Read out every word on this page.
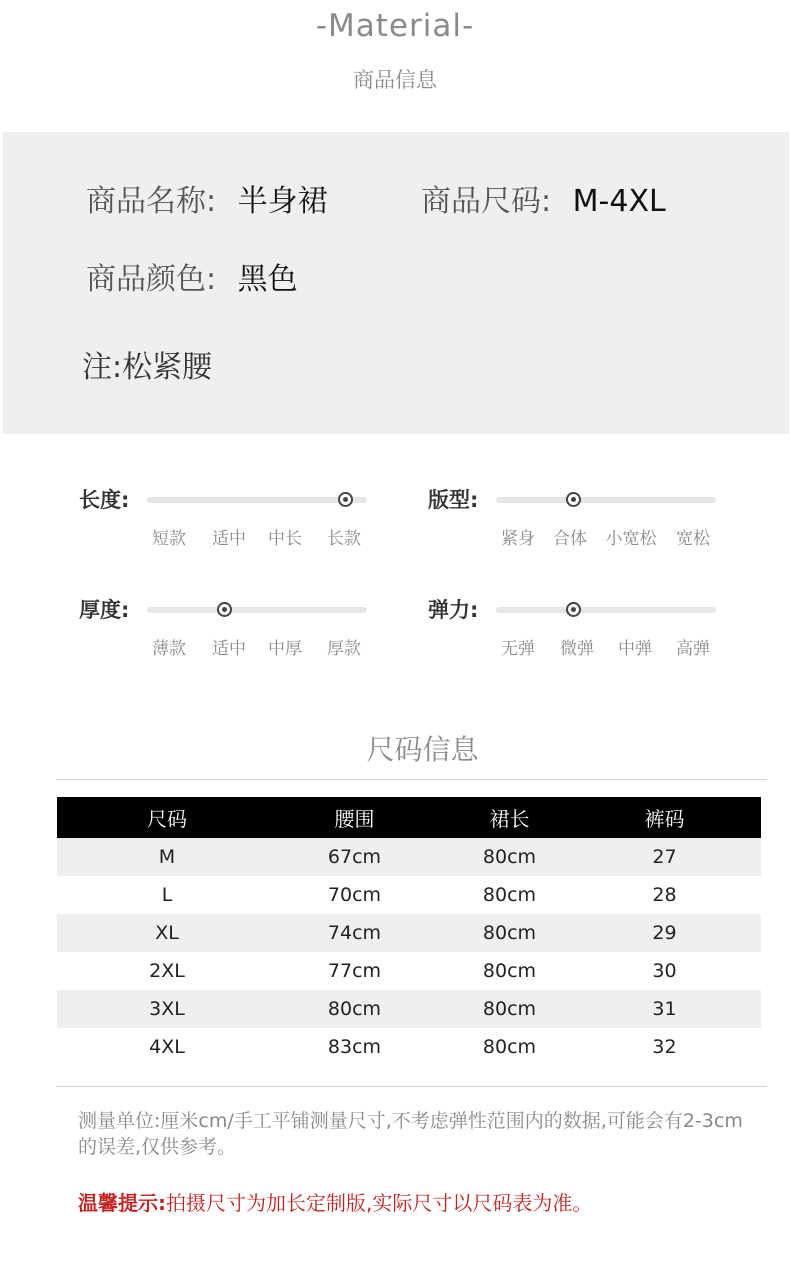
-Material-
商品信息
商品名称: 半身裙	商品尺码: M-4XL
商品颜色: 黑色
注:松紧腰
长度:
短款 适中 中长 长款
版型:
紧身 合体 小宽松 宽松
厚度:
薄款 适中 中厚 厚款
弹力:
无弹 微弹 中弹 高弹
尺码信息
尺码	腰围	裙长	裤码	
M	67cm	80cm	27	
L	70cm	80cm	28	
XL	74cm	80cm	29	
2XL	77cm	80cm	30	
3XL	80cm	80cm	31	
4XL	83cm	80cm	32	
测量单位:厘米cm/手工平铺测量尺寸,不考虑弹性范围内的数据,可能会有2-3cm的误差,仅供参考。
温馨提示:拍摄尺寸为加长定制版,实际尺寸以尺码表为准。
